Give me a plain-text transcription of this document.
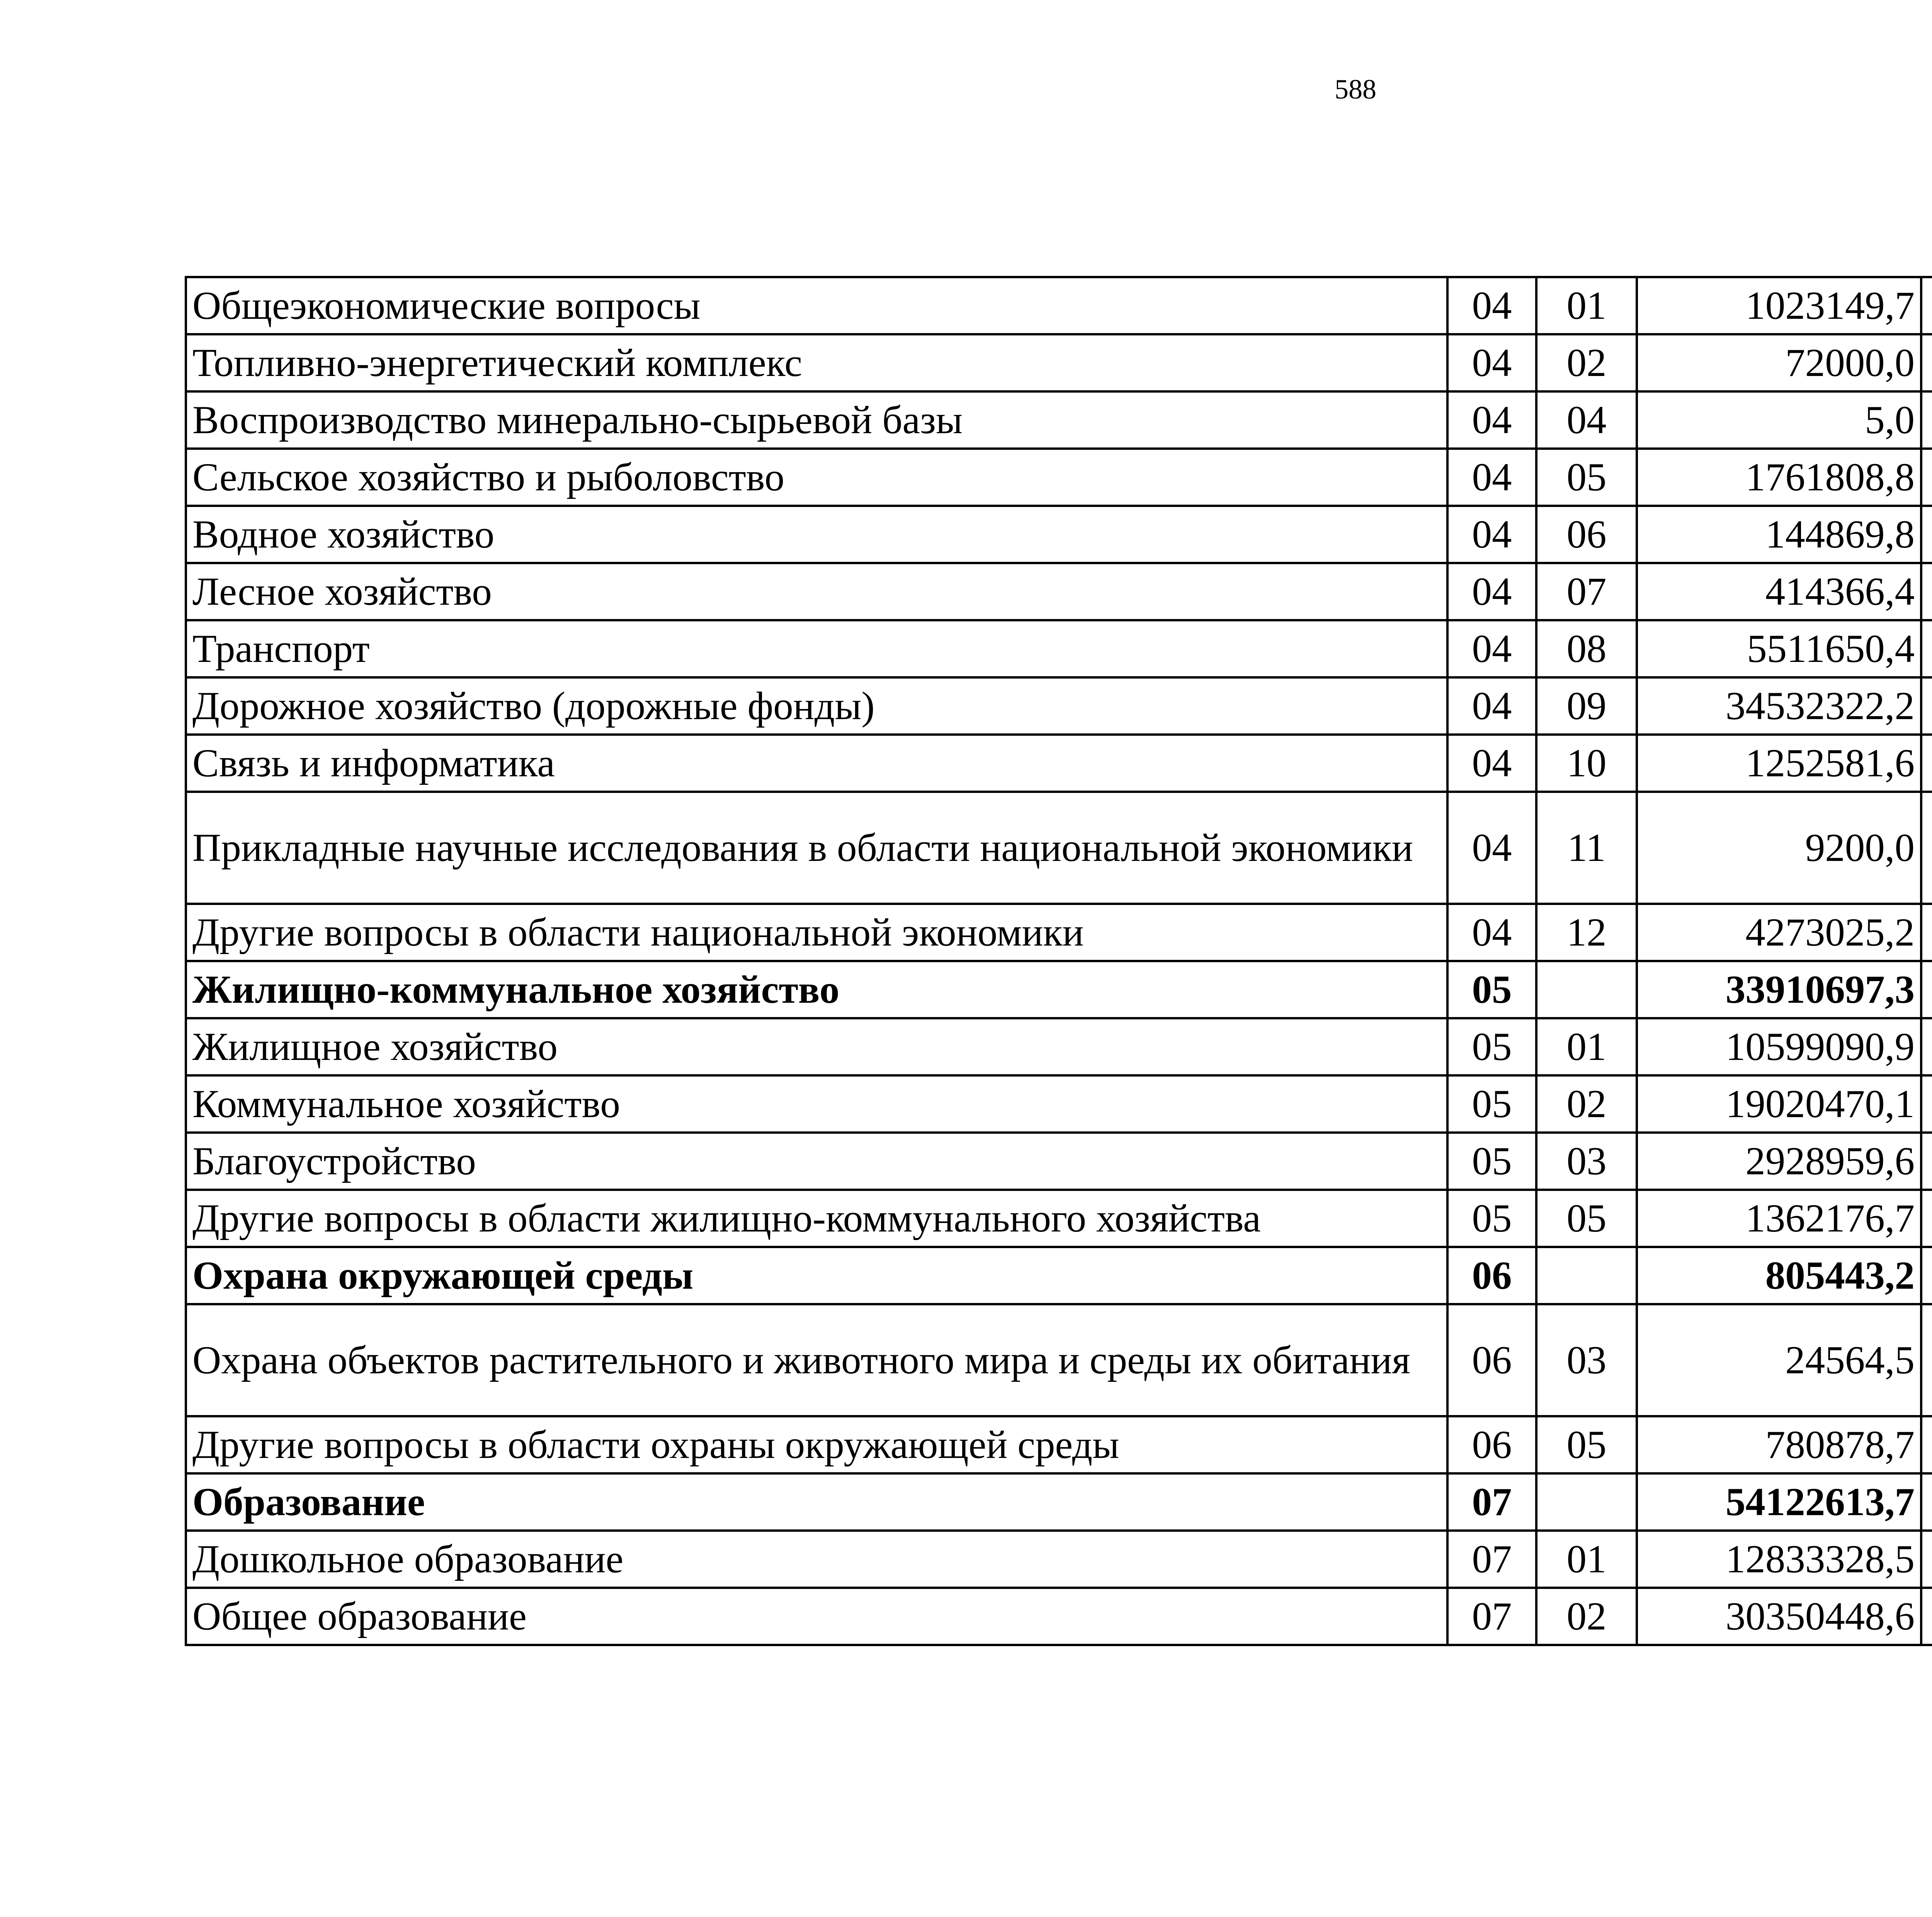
588
Общеэкономические вопросы	04	01	1023149,7		
Топливно-энергетический комплекс	04	02	72000,0		
Воспроизводство минерально-сырьевой базы	04	04	5,0		
Сельское хозяйство и рыболовство	04	05	1761808,8		
Водное хозяйство	04	06	144869,8		
Лесное хозяйство	04	07	414366,4		
Транспорт	04	08	5511650,4		
Дорожное хозяйство (дорожные фонды)	04	09	34532322,2		
Связь и информатика	04	10	1252581,6		
Прикладные научные исследования в области национальной экономики	04	11	9200,0		
Другие вопросы в области национальной экономики	04	12	4273025,2		
Жилищно-коммунальное хозяйство	05		33910697,3		
Жилищное хозяйство	05	01	10599090,9		
Коммунальное хозяйство	05	02	19020470,1		
Благоустройство	05	03	2928959,6		
Другие вопросы в области жилищно-коммунального хозяйства	05	05	1362176,7		
Охрана окружающей среды	06		805443,2		
Охрана объектов растительного и животного мира и среды их обитания	06	03	24564,5		
Другие вопросы в области охраны окружающей среды	06	05	780878,7		
Образование	07		54122613,7		
Дошкольное образование	07	01	12833328,5		
Общее образование	07	02	30350448,6		
